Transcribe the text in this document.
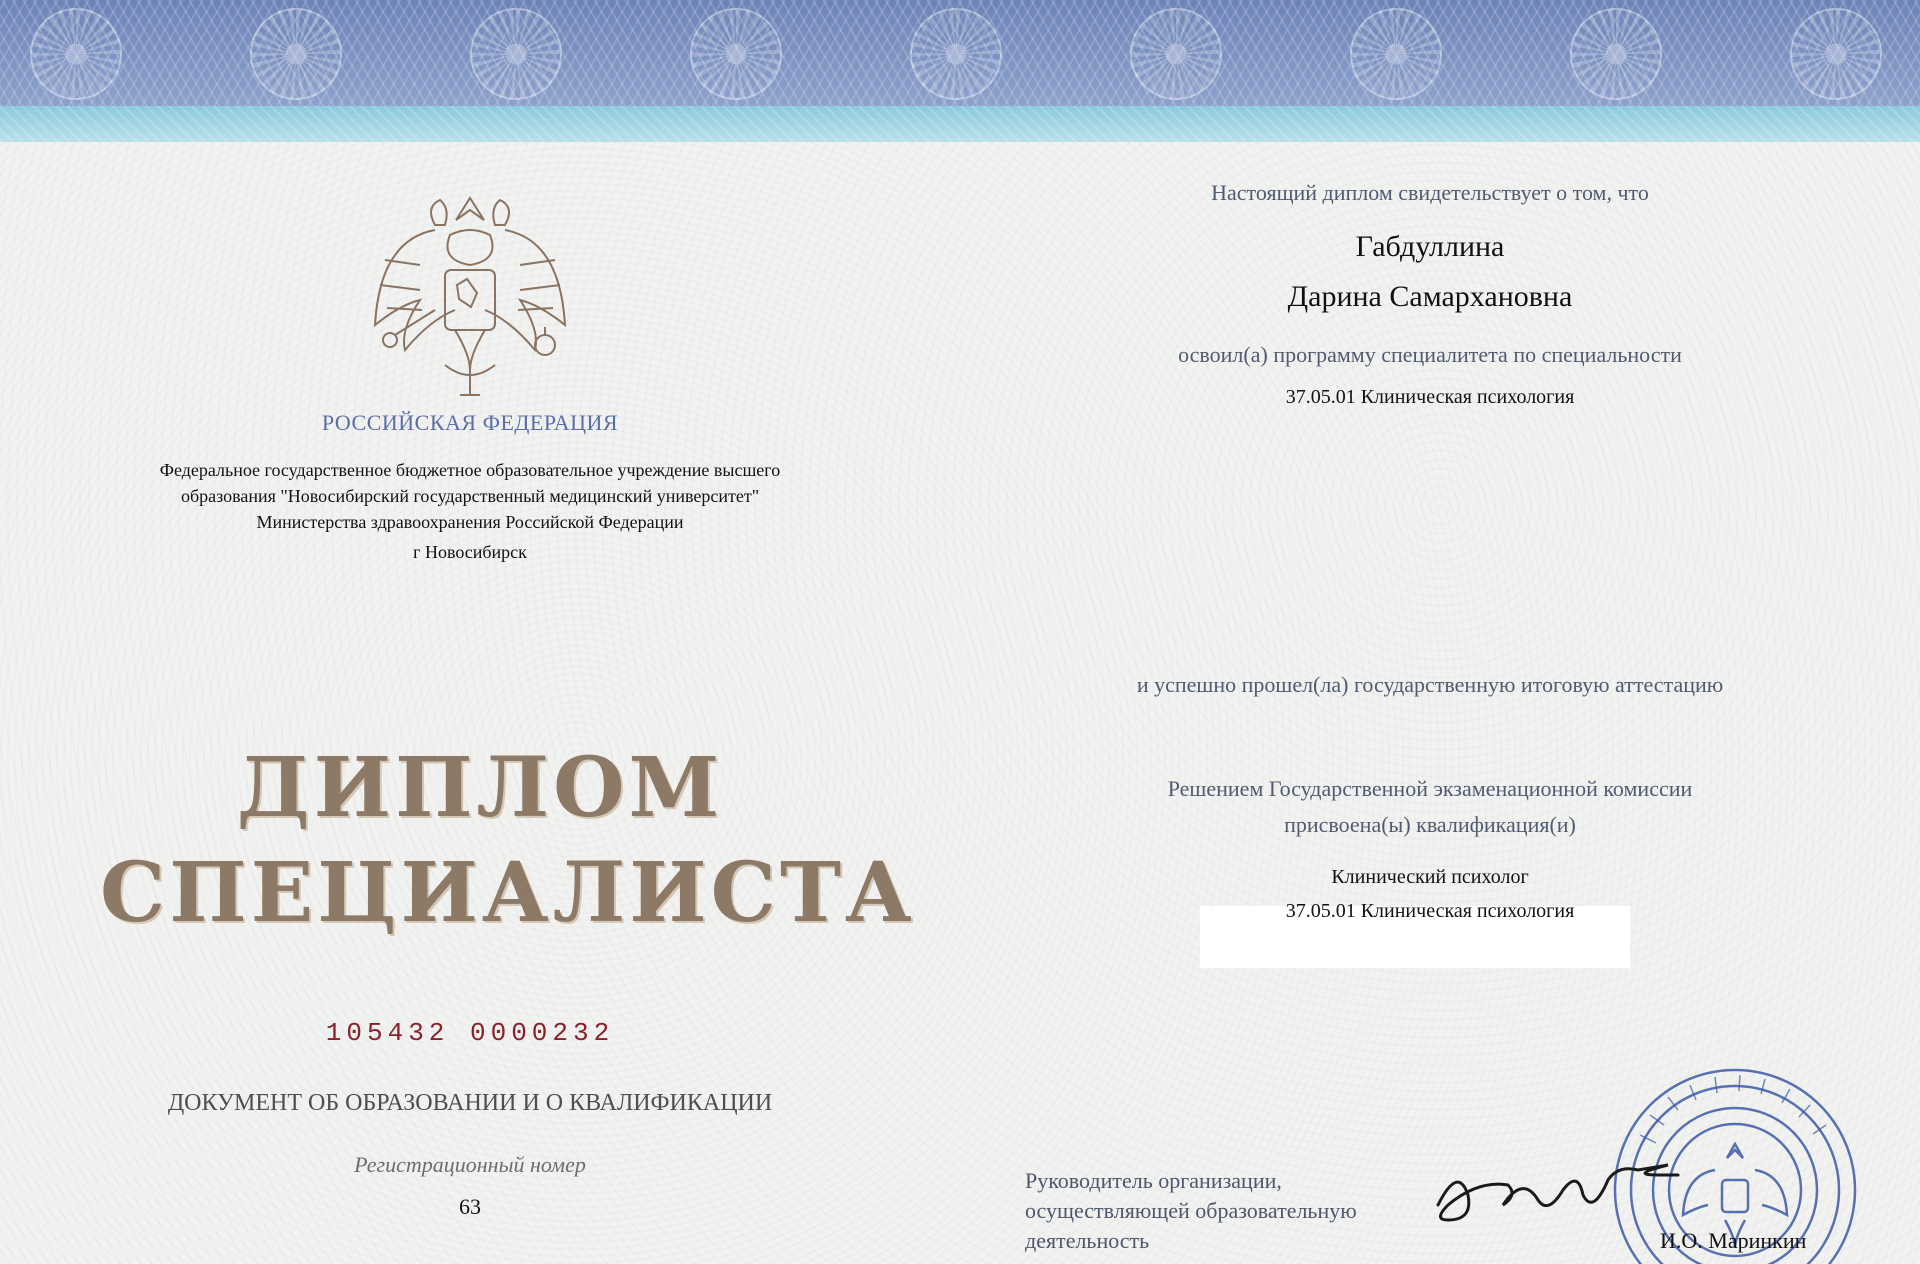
РОССИЙСКАЯ ФЕДЕРАЦИЯ
Федеральное государственное бюджетное образовательное учреждение высшего
образования "Новосибирский государственный медицинский университет"
Министерства здравоохранения Российской Федерации
г Новосибирск
ДИПЛОМ
СПЕЦИАЛИСТА
105432 0000232
ДОКУМЕНТ ОБ ОБРАЗОВАНИИ И О КВАЛИФИКАЦИИ
Регистрационный номер
63
Настоящий диплом свидетельствует о том, что
Габдуллина
Дарина Самархановна
освоил(а) программу специалитета по специальности
37.05.01 Клиническая психология
и успешно прошел(ла) государственную итоговую аттестацию
Решением Государственной экзаменационной комиссии
присвоена(ы) квалификация(и)
Клинический психолог
37.05.01 Клиническая психология
Руководитель организации,
осуществляющей образовательную
деятельность	И.О. Маринкин
